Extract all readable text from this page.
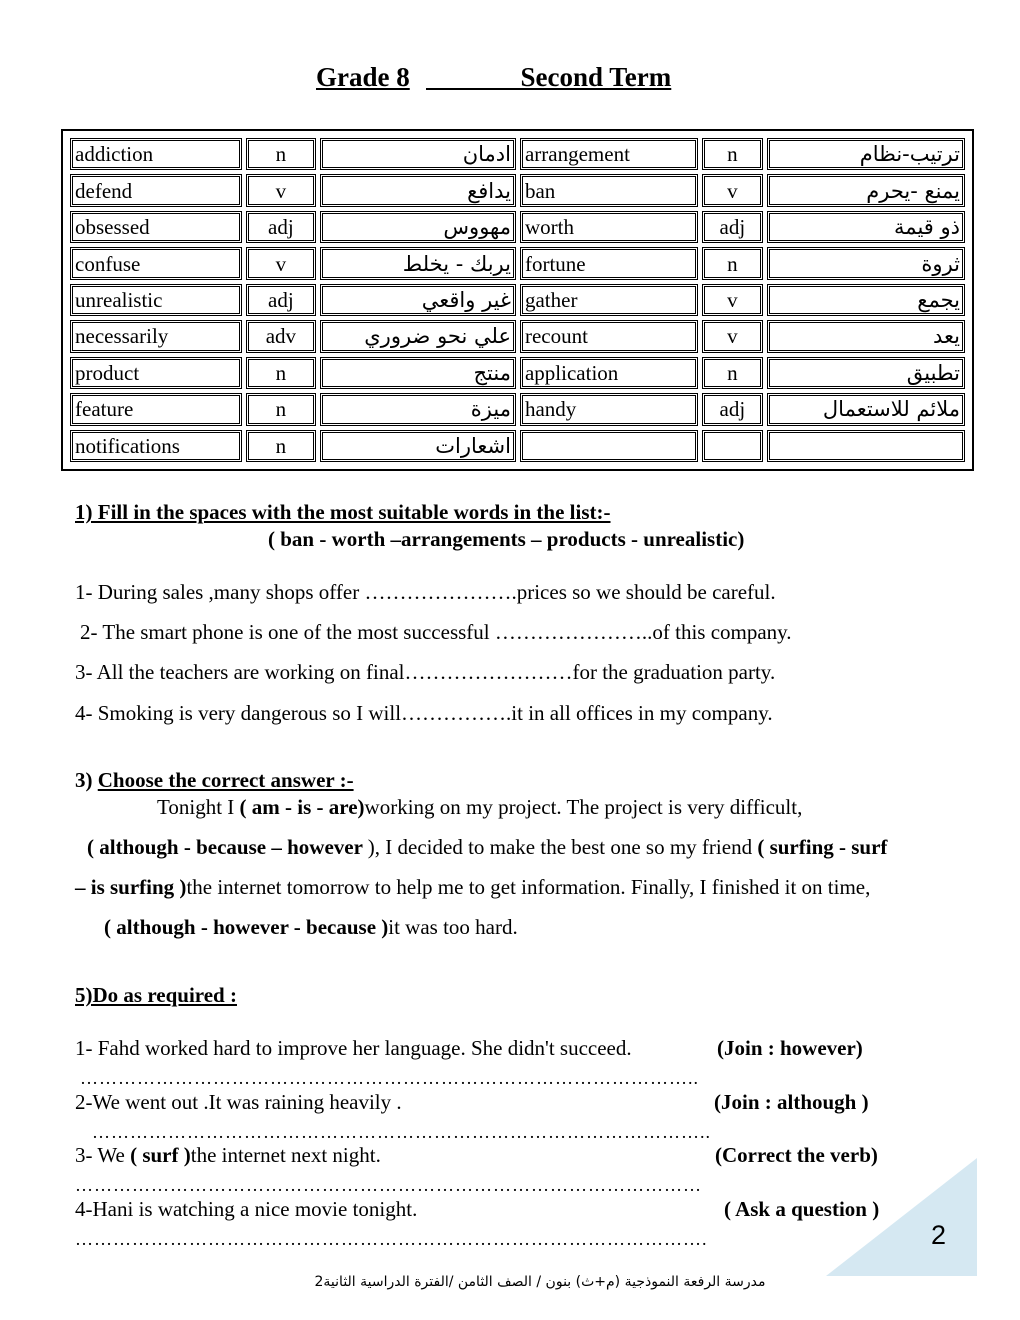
Grade 8	Second Term
addiction	n	ادمان	arrangement	n	ترتيب-نظام
defend	v	يدافع	ban	v	يمنع -يحرم
obsessed	adj	مهووس	worth	adj	ذو قيمة
confuse	v	يربك - يخلط	fortune	n	ثروة
unrealistic	adj	غير واقعي	gather	v	يجمع
necessarily	adv	علي نحو ضروري	recount	v	يعد
product	n	منتج	application	n	تطبيق
feature	n	ميزة	handy	adj	ملائم للاستعمال
notifications	n	اشعارات			
1) Fill in the spaces with the most suitable words in the list:-
( ban - worth –arrangements – products - unrealistic)
1- During sales ,many shops offer ………………….prices so we should be careful.
2- The smart phone is one of the most successful …………………..of this company.
3- All the teachers are working on final……………………for the graduation party.
4- Smoking is very dangerous so I will…………….it in all offices in my company.
3) Choose the correct answer :-
Tonight I ( am - is - are)working on my project. The project is very difficult,
( although - because – however ), I decided to make the best one so my friend ( surfing - surf
– is surfing )the internet tomorrow to help me to get information. Finally, I finished it on time,
( although - however - because )it was too hard.
5)Do as required :
1- Fahd worked hard to improve her language. She didn't succeed.	(Join : however)
……………………………………………………………………………………..
2-We went out .It was raining heavily .	(Join : although )
……………………………………………………………………………………..
3- We ( surf )the internet next night.	(Correct the verb)
………………………………………………………………………………………
4-Hani is watching a nice movie tonight.	( Ask a question )
……………………………………………………………………………………….	2
مدرسة الرفعة النموذجية (م+ث) بنون / الصف الثامن /الفترة الدراسية الثانية2
